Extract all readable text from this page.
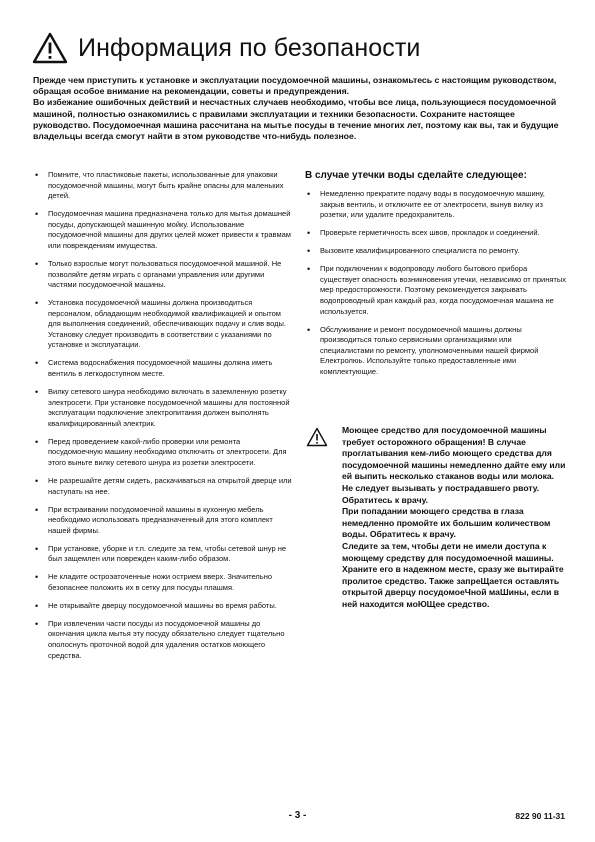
Информация по безопаности

Прежде чем приступить к установке и эксплуатации посудомоечной машины, ознакомьтесь с настоящим руководством, обращая особое внимание на рекомендации, советы и предупреждения.

Во избежание ошибочных действий и несчастных случаев необходимо, чтобы все лица, пользующиеся посудомоечной машиной, полностью ознакомились с правилами эксплуатации и техники безопасности. Сохраните настоящее руководство. Посудомоечная машина рассчитана на мытье посуды в течение многих лет, поэтому как вы, так и будущие владельцы всегда смогут найти в этом руководстве что-нибудь полезное.

• Помните, что пластиковые пакеты, использованные для упаковки посудомоечной машины, могут быть крайне опасны для маленьких детей.
• Посудомоечная машина предназначена только для мытья домашней посуды, допускающей машинную мойку. Использование посудомоечной машины для других целей может привести к травмам или повреждениям имущества.
• Только взрослые могут пользоваться посудомоечной машиной. Не позволяйте детям играть с органами управления или другими частями посудомоечной машины.
• Установка посудомоечной машины должна производиться персоналом, обладающим необходимой квалификацией и опытом для выполнения соединений, обеспечивающих подачу и слив воды. Установку следует производить в соответствии с указаниями по установке и эксплуатации.
• Система водоснабжения посудомоечной машины должна иметь вентиль в легкодоступном месте.
• Вилку сетевого шнура необходимо включать в заземленную розетку электросети. При установке посудомоечной машины для постоянной эксплуатации подключение электропитания должен выполнять квалифицированный электрик.
• Перед проведением какой-либо проверки или ремонта посудомоечную машину необходимо отключить от электросети. Для этого выньте вилку сетевого шнура из розетки электросети.
• Не разрешайте детям сидеть, раскачиваться на открытой дверце или наступать на нее.
• При встраивании посудомоечной машины в кухонную мебель необходимо использовать предназначенный для этого комплект нашей фирмы.
• При установке, уборке и т.п. следите за тем, чтобы сетевой шнур не был защемлен или поврежден каким-либо образом.
• Не кладите остроэаточенные ножи острием вверх. Значительно безопаснее положить их в сетку для посуды плашмя.
• Не открывайте дверцу посудомоечной машины во время работы.
• При извлечении части посуды из посудомоечной машины до окончания цикла мытья эту посуду обязательно следует тщательно ополоснуть проточной водой для удаления остатков моющего средства.
В случае утечки воды сделайте следующее:
• Немедленно прекратите подачу воды в посудомоечную машину, закрыв вентиль, и отключите ее от электросети, вынув вилку из розетки, или удалите предохранитель.
• Проверьте герметичность всех швов, прокладок и соединений.
• Вызовите квалифицированного специалиста по ремонту.
• При подключении к водопроводу любого бытового прибора существует опасность возникновения утечки, независимо от принятых мер предосторожности. Поэтому рекомендуется закрывать водопроводный кран каждый раз, когда посудомоечная машина не используется.
• Обслуживание и ремонт посудомоечной машины должны производиться только сервисными организациями или специалистами по ремонту, уполномоченными нашей фирмой Електролюь. Используйте только предоставленные ими комплектующие.

Моющее средство для посудомоечной машины требует осторожного обращения! В случае проглатывания кем-либо моющего средства для посудомоечной машины немедленно дайте ему или ей выпить несколько стаканов воды или молока. Не следует вызывать у пострадавшего рвоту. Обратитесь к врачу.

При попадании моющего средства в глаза немедленно промойте их большим количеством воды. Обратитесь к врачу.

Следите за тем, чтобы дети не имели доступа к моющему средству для посудомоечной машины. Храните его в надежном месте, сразу же вытирайте пролитое средство. Также запреЩается оставлять открытой дверцу посудомоеЧной маШины, если в ней находится моЮЩее средство.

- 3 -	822 90 11-31
